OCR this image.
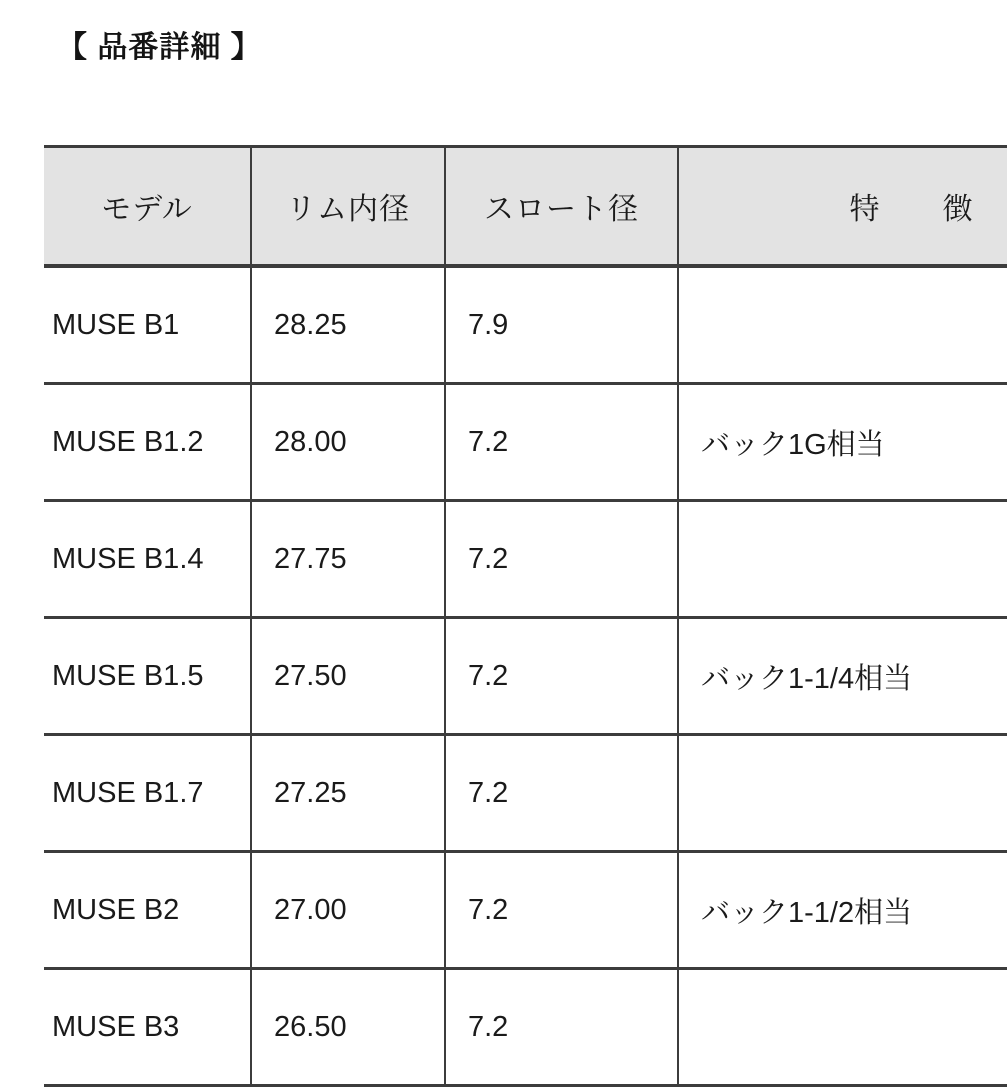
【 品番詳細 】
モデル	リム内径	スロート径	特　　徴

MUSE B1	28.25	7.9	

MUSE B1.2	28.00	7.2	バック1G相当

MUSE B1.4	27.75	7.2	

MUSE B1.5	27.50	7.2	バック1-1/4相当

MUSE B1.7	27.25	7.2	

MUSE B2	27.00	7.2	バック1-1/2相当

MUSE B3	26.50	7.2	
